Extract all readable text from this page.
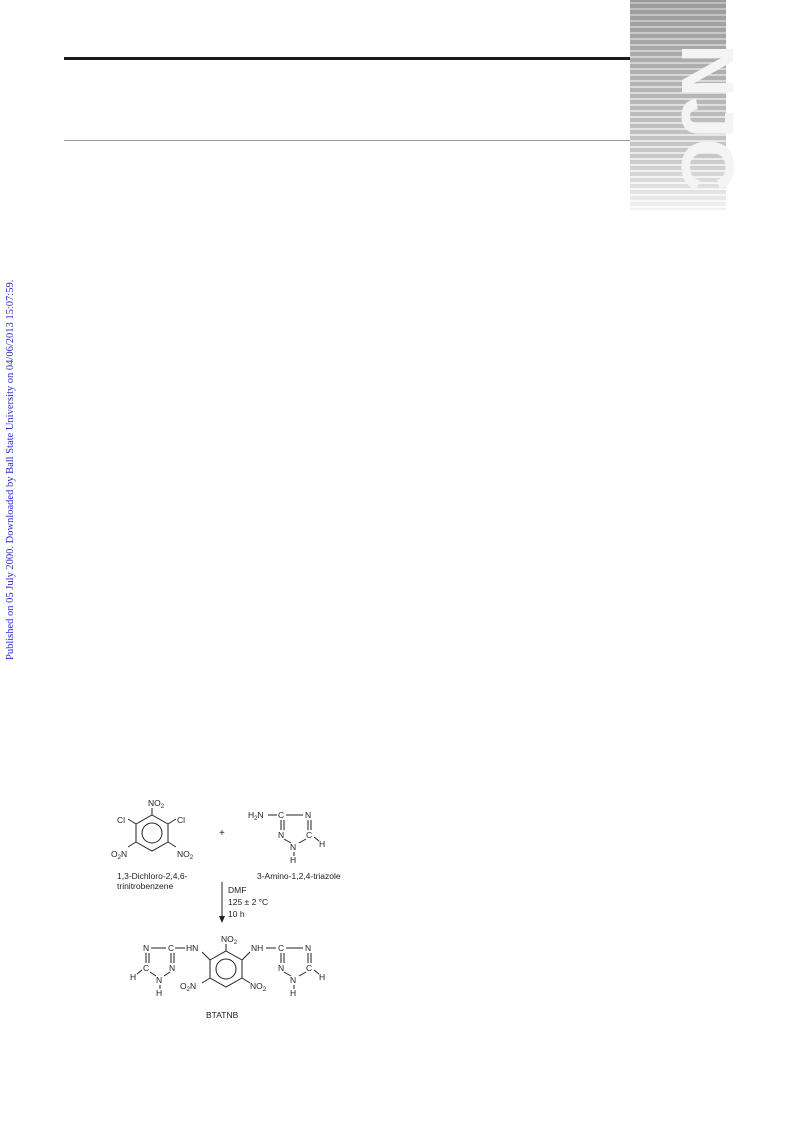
NJC
Published on 05 July 2000. Downloaded by Ball State University on 04/06/2013 15:07:59.
$NO_2$
Cl	Cl
$O_2N$	$NO_2$
+
$H_2N$ C N
N	C
N
H
H
1,3-Dichloro-2,4,6-
trinitrobenzene
3-Amino-1,2,4-triazole
DMF
125 ± 2 °C
10 h
$NO_2$
HN	NH
$O_2N$	$NO_2$
C
N
C N
N
H
H
C N
N	C
N
H
H
BTATNB
